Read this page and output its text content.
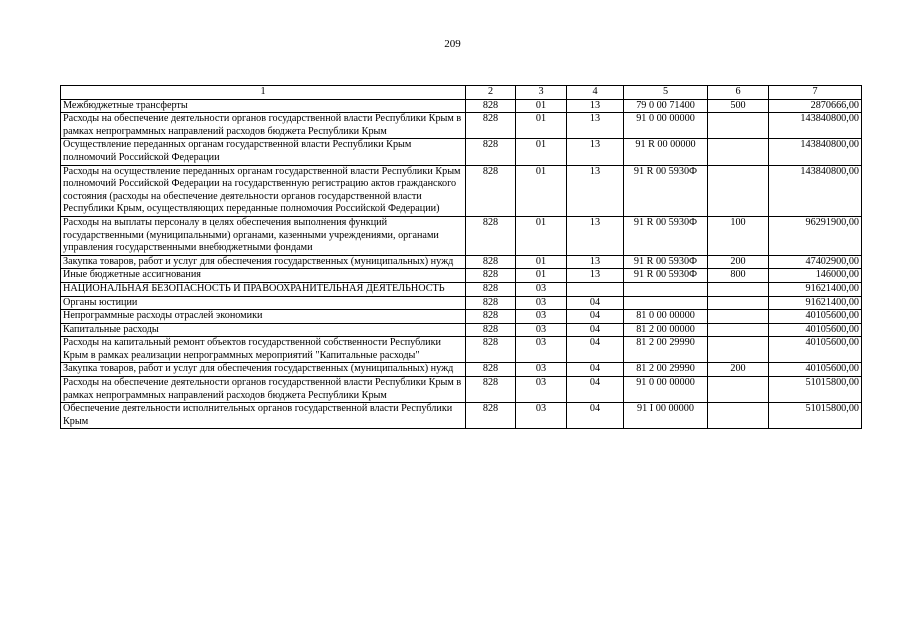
209
1	2	3	4	5	6	7
Межбюджетные трансферты	828	01	13	79 0 00 71400	500	2870666,00
Расходы на обеспечение деятельности органов государственной власти Республики Крым в рамках непрограммных направлений расходов бюджета Республики Крым	828	01	13	91 0 00 00000		143840800,00
Осуществление переданных органам государственной власти Республики Крым полномочий Российской Федерации	828	01	13	91 R 00 00000		143840800,00
Расходы на осуществление переданных органам государственной власти Республики Крым полномочий Российской Федерации на государственную регистрацию актов гражданского состояния (расходы на обеспечение деятельности органов государственной власти Республики Крым, осуществляющих переданные полномочия Российской Федерации)	828	01	13	91 R 00 5930Ф		143840800,00
Расходы на выплаты персоналу в целях обеспечения выполнения функций государственными (муниципальными) органами, казенными учреждениями, органами управления государственными внебюджетными фондами	828	01	13	91 R 00 5930Ф	100	96291900,00
Закупка товаров, работ и услуг для обеспечения государственных (муниципальных) нужд	828	01	13	91 R 00 5930Ф	200	47402900,00
Иные бюджетные ассигнования	828	01	13	91 R 00 5930Ф	800	146000,00
НАЦИОНАЛЬНАЯ БЕЗОПАСНОСТЬ И ПРАВООХРАНИТЕЛЬНАЯ ДЕЯТЕЛЬНОСТЬ	828	03				91621400,00
Органы юстиции	828	03	04			91621400,00
Непрограммные расходы отраслей экономики	828	03	04	81 0 00 00000		40105600,00
Капитальные расходы	828	03	04	81 2 00 00000		40105600,00
Расходы на капитальный ремонт объектов государственной собственности Республики Крым в рамках реализации непрограммных мероприятий "Капитальные расходы"	828	03	04	81 2 00 29990		40105600,00
Закупка товаров, работ и услуг для обеспечения государственных (муниципальных) нужд	828	03	04	81 2 00 29990	200	40105600,00
Расходы на обеспечение деятельности органов государственной власти Республики Крым в рамках непрограммных направлений расходов бюджета Республики Крым	828	03	04	91 0 00 00000		51015800,00
Обеспечение деятельности исполнительных органов государственной власти Республики Крым	828	03	04	91 I 00 00000		51015800,00
